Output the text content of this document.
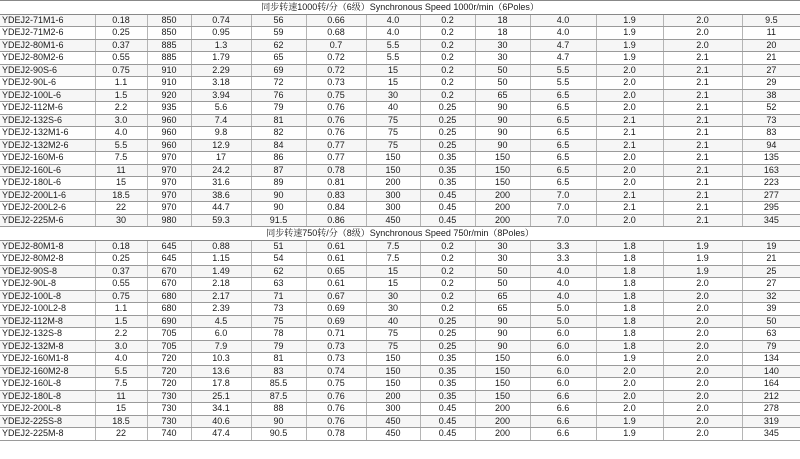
同步转速1000转/分（6级）Synchronous Speed 1000r/min（6Poles）												
YDEJ2-71M1-6	0.18	850	0.74	56	0.66	4.0	0.2	18	4.0	1.9	2.0	9.5
YDEJ2-71M2-6	0.25	850	0.95	59	0.68	4.0	0.2	18	4.0	1.9	2.0	11
YDEJ2-80M1-6	0.37	885	1.3	62	0.7	5.5	0.2	30	4.7	1.9	2.0	20
YDEJ2-80M2-6	0.55	885	1.79	65	0.72	5.5	0.2	30	4.7	1.9	2.1	21
YDEJ2-90S-6	0.75	910	2.29	69	0.72	15	0.2	50	5.5	2.0	2.1	27
YDEJ2-90L-6	1.1	910	3.18	72	0.73	15	0.2	50	5.5	2.0	2.1	29
YDEJ2-100L-6	1.5	920	3.94	76	0.75	30	0.2	65	6.5	2.0	2.1	38
YDEJ2-112M-6	2.2	935	5.6	79	0.76	40	0.25	90	6.5	2.0	2.1	52
YDEJ2-132S-6	3.0	960	7.4	81	0.76	75	0.25	90	6.5	2.1	2.1	73
YDEJ2-132M1-6	4.0	960	9.8	82	0.76	75	0.25	90	6.5	2.1	2.1	83
YDEJ2-132M2-6	5.5	960	12.9	84	0.77	75	0.25	90	6.5	2.1	2.1	94
YDEJ2-160M-6	7.5	970	17	86	0.77	150	0.35	150	6.5	2.0	2.1	135
YDEJ2-160L-6	11	970	24.2	87	0.78	150	0.35	150	6.5	2.0	2.1	163
YDEJ2-180L-6	15	970	31.6	89	0.81	200	0.35	150	6.5	2.0	2.1	223
YDEJ2-200L1-6	18.5	970	38.6	90	0.83	300	0.45	200	7.0	2.1	2.1	277
YDEJ2-200L2-6	22	970	44.7	90	0.84	300	0.45	200	7.0	2.1	2.1	295
YDEJ2-225M-6	30	980	59.3	91.5	0.86	450	0.45	200	7.0	2.0	2.1	345
同步转速750转/分（8级）Synchronous Speed 750r/min（8Poles）												
YDEJ2-80M1-8	0.18	645	0.88	51	0.61	7.5	0.2	30	3.3	1.8	1.9	19
YDEJ2-80M2-8	0.25	645	1.15	54	0.61	7.5	0.2	30	3.3	1.8	1.9	21
YDEJ2-90S-8	0.37	670	1.49	62	0.65	15	0.2	50	4.0	1.8	1.9	25
YDEJ2-90L-8	0.55	670	2.18	63	0.61	15	0.2	50	4.0	1.8	2.0	27
YDEJ2-100L-8	0.75	680	2.17	71	0.67	30	0.2	65	4.0	1.8	2.0	32
YDEJ2-100L2-8	1.1	680	2.39	73	0.69	30	0.2	65	5.0	1.8	2.0	39
YDEJ2-112M-8	1.5	690	4.5	75	0.69	40	0.25	90	5.0	1.8	2.0	50
YDEJ2-132S-8	2.2	705	6.0	78	0.71	75	0.25	90	6.0	1.8	2.0	63
YDEJ2-132M-8	3.0	705	7.9	79	0.73	75	0.25	90	6.0	1.8	2.0	79
YDEJ2-160M1-8	4.0	720	10.3	81	0.73	150	0.35	150	6.0	1.9	2.0	134
YDEJ2-160M2-8	5.5	720	13.6	83	0.74	150	0.35	150	6.0	2.0	2.0	140
YDEJ2-160L-8	7.5	720	17.8	85.5	0.75	150	0.35	150	6.0	2.0	2.0	164
YDEJ2-180L-8	11	730	25.1	87.5	0.76	200	0.35	150	6.6	2.0	2.0	212
YDEJ2-200L-8	15	730	34.1	88	0.76	300	0.45	200	6.6	2.0	2.0	278
YDEJ2-225S-8	18.5	730	40.6	90	0.76	450	0.45	200	6.6	1.9	2.0	319
YDEJ2-225M-8	22	740	47.4	90.5	0.78	450	0.45	200	6.6	1.9	2.0	345
